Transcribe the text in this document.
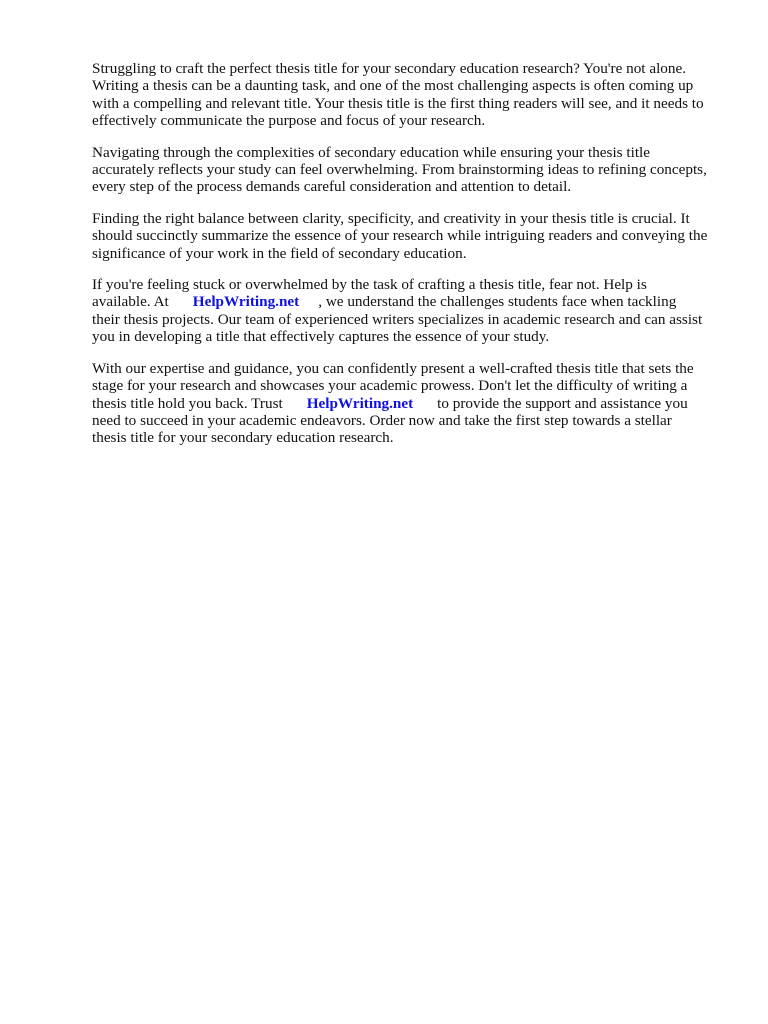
Struggling to craft the perfect thesis title for your secondary education research? You're not alone.
Writing a thesis can be a daunting task, and one of the most challenging aspects is often coming up
with a compelling and relevant title. Your thesis title is the first thing readers will see, and it needs to
effectively communicate the purpose and focus of your research.

Navigating through the complexities of secondary education while ensuring your thesis title
accurately reflects your study can feel overwhelming. From brainstorming ideas to refining concepts,
every step of the process demands careful consideration and attention to detail.

Finding the right balance between clarity, specificity, and creativity in your thesis title is crucial. It
should succinctly summarize the essence of your research while intriguing readers and conveying the
significance of your work in the field of secondary education.

If you're feeling stuck or overwhelmed by the task of crafting a thesis title, fear not. Help is
available. At HelpWriting.net , we understand the challenges students face when tackling
their thesis projects. Our team of experienced writers specializes in academic research and can assist
you in developing a title that effectively captures the essence of your study.

With our expertise and guidance, you can confidently present a well-crafted thesis title that sets the
stage for your research and showcases your academic prowess. Don't let the difficulty of writing a
thesis title hold you back. Trust HelpWriting.net to provide the support and assistance you
need to succeed in your academic endeavors. Order now and take the first step towards a stellar
thesis title for your secondary education research.
